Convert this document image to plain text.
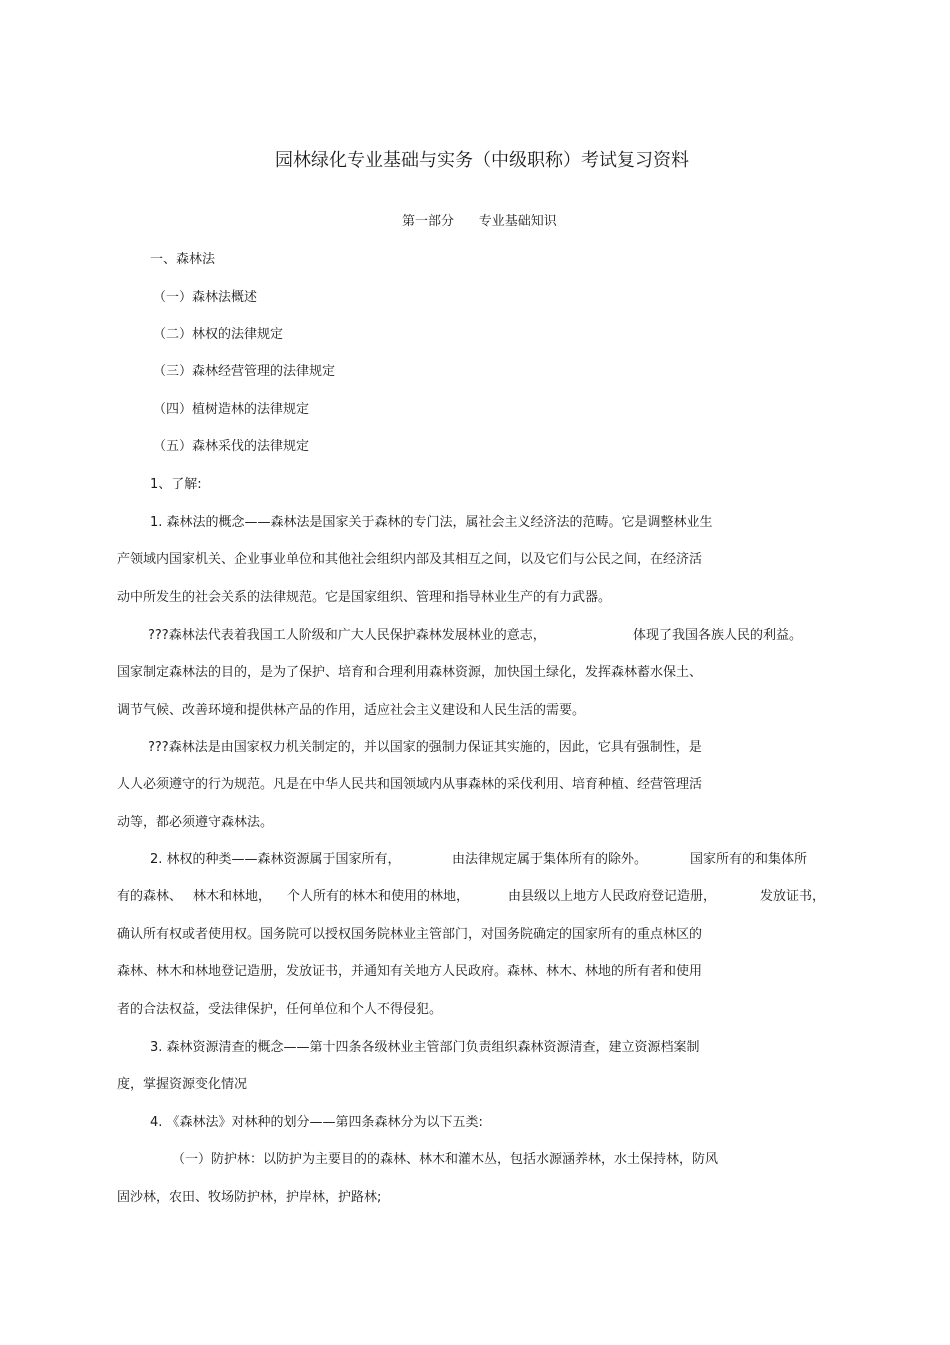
园林绿化专业基础与实务（中级职称）考试复习资料
第一部分      专业基础知识
一、森林法
（一）森林法概述
（二）林权的法律规定
（三）森林经营管理的法律规定
（四）植树造林的法律规定
（五）森林采伐的法律规定
1、了解:
1. 森林法的概念——森林法是国家关于森林的专门法，属社会主义经济法的范畴。它是调整林业生
产领域内国家机关、企业事业单位和其他社会组织内部及其相互之间，以及它们与公民之间，在经济活
动中所发生的社会关系的法律规范。它是国家组织、管理和指导林业生产的有力武器。
???森林法代表着我国工人阶级和广大人民保护森林发展林业的意志，	体现了我国各族人民的利益。
国家制定森林法的目的，是为了保护、培育和合理利用森林资源，加快国土绿化，发挥森林蓄水保土、
调节气候、改善环境和提供林产品的作用，适应社会主义建设和人民生活的需要。
???森林法是由国家权力机关制定的，并以国家的强制力保证其实施的，因此，它具有强制性，是
人人必须遵守的行为规范。凡是在中华人民共和国领域内从事森林的采伐利用、培育种植、经营管理活
动等，都必须遵守森林法。
2. 林权的种类——森林资源属于国家所有，	由法律规定属于集体所有的除外。	国家所有的和集体所
有的森林、 林木和林地， 个人所有的林木和使用的林地，	由县级以上地方人民政府登记造册，	发放证书，
确认所有权或者使用权。国务院可以授权国务院林业主管部门，对国务院确定的国家所有的重点林区的
森林、林木和林地登记造册，发放证书，并通知有关地方人民政府。森林、林木、林地的所有者和使用
者的合法权益，受法律保护，任何单位和个人不得侵犯。
3. 森林资源清查的概念——第十四条各级林业主管部门负责组织森林资源清查，建立资源档案制
度，掌握资源变化情况
4. 《森林法》对林种的划分——第四条森林分为以下五类:
（一）防护林：以防护为主要目的的森林、林木和灌木丛，包括水源涵养林，水土保持林，防风
固沙林，农田、牧场防护林，护岸林，护路林;
